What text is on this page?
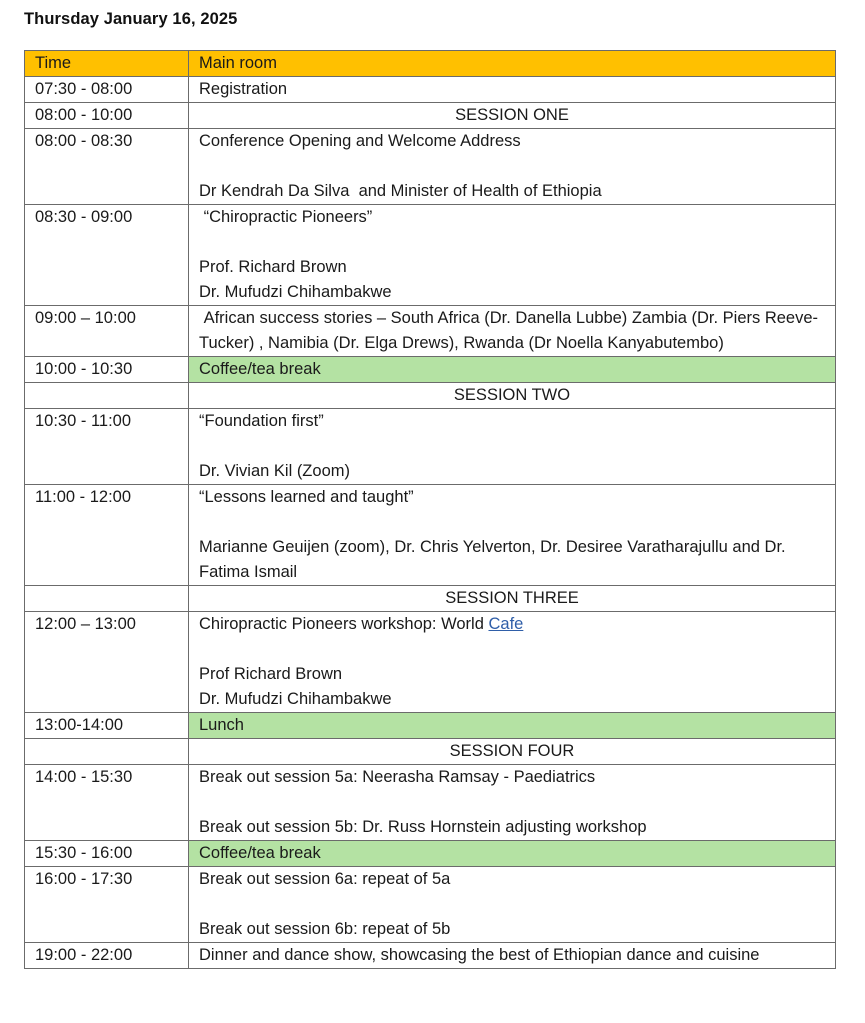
Thursday January 16, 2025
Time	Main room
07:30 - 08:00	Registration

08:00 - 10:00	SESSION ONE
08:00 - 08:30	Conference Opening and Welcome Address
Dr Kendrah Da Silva  and Minister of Health of Ethiopia

08:30 - 09:00	“Chiropractic Pioneers”
Prof. Richard Brown
Dr. Mufudzi Chihambakwe

09:00 – 10:00	African success stories – South Africa (Dr. Danella Lubbe) Zambia (Dr. Piers Reeve-Tucker) , Namibia (Dr. Elga Drews), Rwanda (Dr Noella Kanyabutembo)

10:00 - 10:30	Coffee/tea break
	SESSION TWO
10:30 - 11:00	“Foundation first”
Dr. Vivian Kil (Zoom)

11:00 - 12:00	“Lessons learned and taught”
Marianne Geuijen (zoom), Dr. Chris Yelverton, Dr. Desiree Varatharajullu and Dr. Fatima Ismail

	SESSION THREE
12:00 – 13:00	Chiropractic Pioneers workshop: World Cafe
Prof Richard Brown
Dr. Mufudzi Chihambakwe

13:00-14:00	Lunch
	SESSION FOUR
14:00 - 15:30	Break out session 5a: Neerasha Ramsay - Paediatrics
Break out session 5b: Dr. Russ Hornstein adjusting workshop

15:30 - 16:00	Coffee/tea break
16:00 - 17:30	Break out session 6a: repeat of 5a
Break out session 6b: repeat of 5b

19:00 - 22:00	Dinner and dance show, showcasing the best of Ethiopian dance and cuisine
